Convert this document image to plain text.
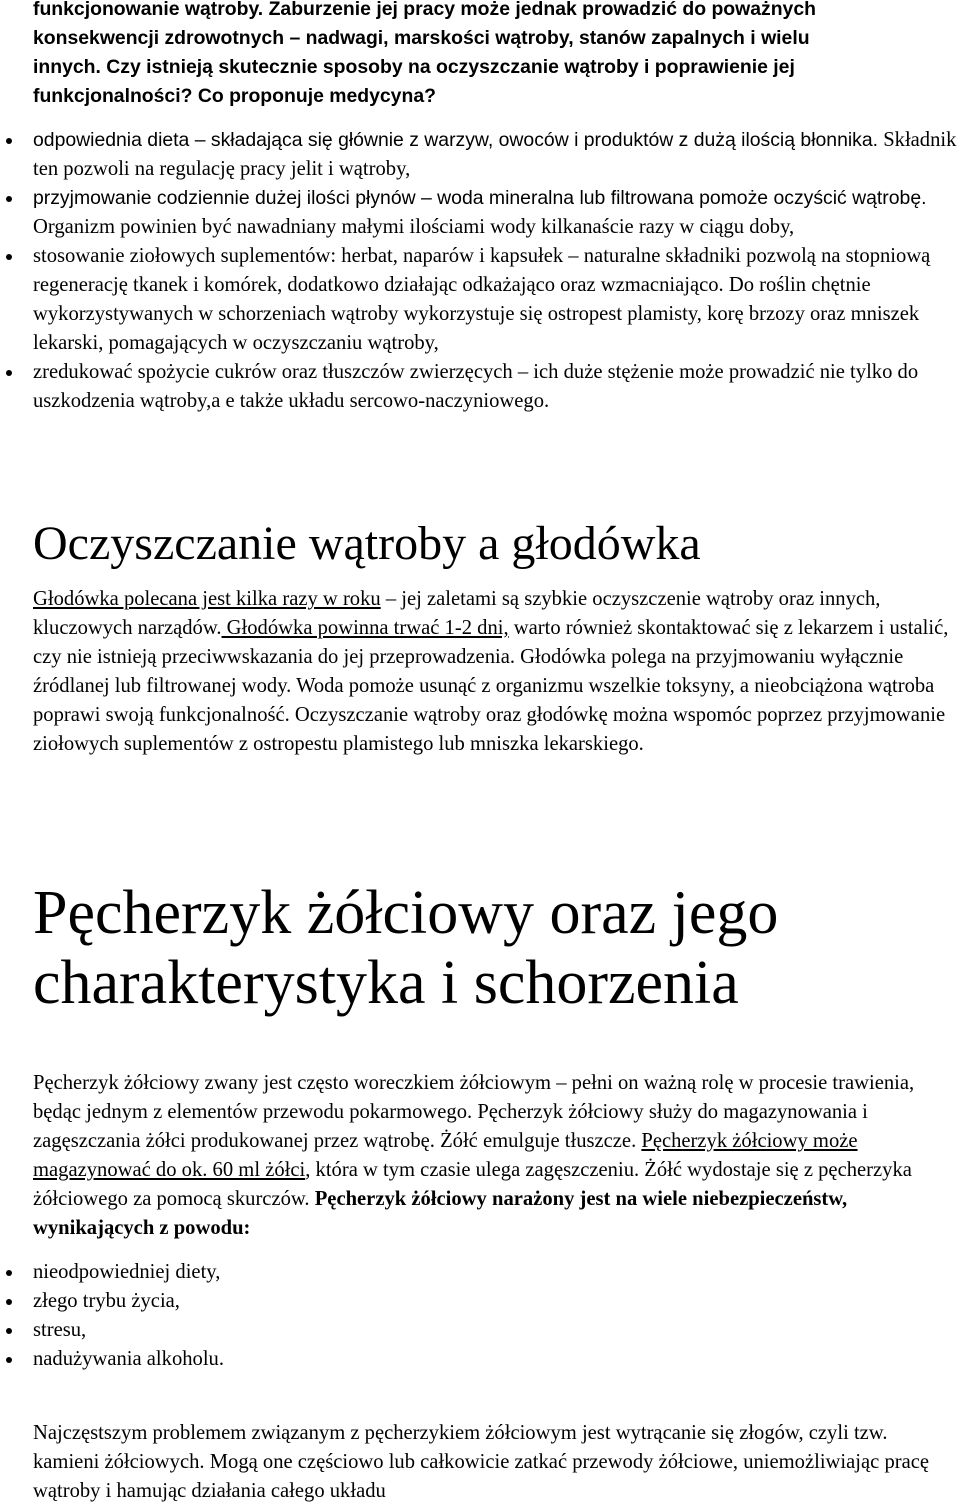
funkcjonowanie wątroby. Zaburzenie jej pracy może jednak prowadzić do poważnych
konsekwencji zdrowotnych – nadwagi, marskości wątroby, stanów zapalnych i wielu
innych. Czy istnieją skutecznie sposoby na oczyszczanie wątroby i poprawienie jej
funkcjonalności? Co proponuje medycyna?
odpowiednia dieta – składająca się głównie z warzyw, owoców i produktów z dużą ilością błonnika. Składnik ten pozwoli na regulację pracy jelit i wątroby,
przyjmowanie codziennie dużej ilości płynów – woda mineralna lub filtrowana pomoże oczyścić wątrobę. Organizm powinien być nawadniany małymi ilościami wody kilkanaście razy w ciągu doby,
stosowanie ziołowych suplementów: herbat, naparów i kapsułek – naturalne składniki pozwolą na stopniową regenerację tkanek i komórek, dodatkowo działając odkażająco oraz wzmacniająco. Do roślin chętnie wykorzystywanych w schorzeniach wątroby wykorzystuje się ostropest plamisty, korę brzozy oraz mniszek lekarski, pomagających w oczyszczaniu wątroby,
zredukować spożycie cukrów oraz tłuszczów zwierzęcych – ich duże stężenie może prowadzić nie tylko do uszkodzenia wątroby,a e także układu sercowo-naczyniowego.
Oczyszczanie wątroby a głodówka

Głodówka polecana jest kilka razy w roku – jej zaletami są szybkie oczyszczenie wątroby oraz innych, kluczowych narządów. Głodówka powinna trwać 1-2 dni, warto również skontaktować się z lekarzem i ustalić, czy nie istnieją przeciwwskazania do jej przeprowadzenia. Głodówka polega na przyjmowaniu wyłącznie źródlanej lub filtrowanej wody. Woda pomoże usunąć z organizmu wszelkie toksyny, a nieobciążona wątroba poprawi swoją funkcjonalność. Oczyszczanie wątroby oraz głodówkę można wspomóc poprzez przyjmowanie ziołowych suplementów z ostropestu plamistego lub mniszka lekarskiego.

Pęcherzyk żółciowy oraz jego
charakterystyka i schorzenia

Pęcherzyk żółciowy zwany jest często woreczkiem żółciowym – pełni on ważną rolę w procesie trawienia, będąc jednym z elementów przewodu pokarmowego. Pęcherzyk żółciowy służy do magazynowania i zagęszczania żółci produkowanej przez wątrobę. Żółć emulguje tłuszcze. Pęcherzyk żółciowy może magazynować do ok. 60 ml żółci, która w tym czasie ulega zagęszczeniu. Żółć wydostaje się z pęcherzyka żółciowego za pomocą skurczów. Pęcherzyk żółciowy narażony jest na wiele niebezpieczeństw, wynikających z powodu:

nieodpowiedniej diety,
złego trybu życia,
stresu,
nadużywania alkoholu.

Najczęstszym problemem związanym z pęcherzykiem żółciowym jest wytrącanie się złogów, czyli tzw. kamieni żółciowych. Mogą one częściowo lub całkowicie zatkać przewody żółciowe, uniemożliwiając pracę wątroby i hamując działania całego układu
